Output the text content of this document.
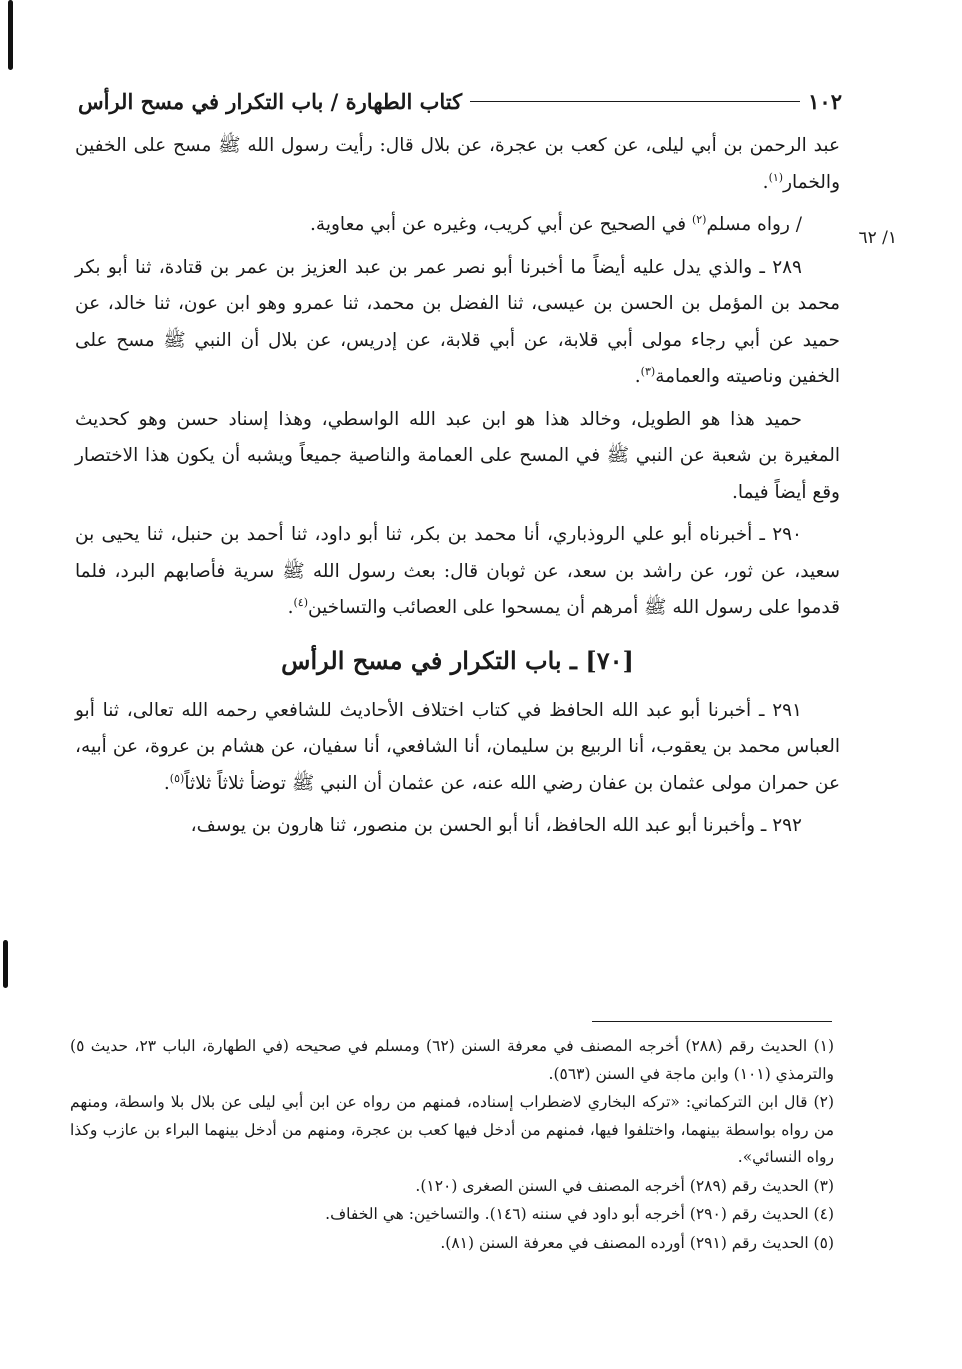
١٠٢
كتاب الطهارة / باب التكرار في مسح الرأس
١/ ٦٢

عبد الرحمن بن أبي ليلى، عن كعب بن عجرة، عن بلال قال: رأيت رسول الله ﷺ مسح على الخفين والخمار$^{(١)}$.

/ رواه مسلم$^{(٢)}$ في الصحيح عن أبي كريب، وغيره عن أبي معاوية.

٢٨٩ ـ والذي يدل عليه أيضاً ما أخبرنا أبو نصر عمر بن عبد العزيز بن عمر بن قتادة، ثنا أبو بكر محمد بن المؤمل بن الحسن بن عيسى، ثنا الفضل بن محمد، ثنا عمرو وهو ابن عون، ثنا خالد، عن حميد عن أبي رجاء مولى أبي قلابة، عن أبي قلابة، عن إدريس، عن بلال أن النبي ﷺ مسح على الخفين وناصيته والعمامة$^{(٣)}$.

حميد هذا هو الطويل، وخالد هذا هو ابن عبد الله الواسطي، وهذا إسناد حسن وهو كحديث المغيرة بن شعبة عن النبي ﷺ في المسح على العمامة والناصية جميعاً ويشبه أن يكون هذا الاختصار وقع أيضاً فيما.

٢٩٠ ـ أخبرناه أبو علي الروذباري، أنا محمد بن بكر، ثنا أبو داود، ثنا أحمد بن حنبل، ثنا يحيى بن سعيد، عن ثور، عن راشد بن سعد، عن ثوبان قال: بعث رسول الله ﷺ سرية فأصابهم البرد، فلما قدموا على رسول الله ﷺ أمرهم أن يمسحوا على العصائب والتساخين$^{(٤)}$.

[٧٠] ـ باب التكرار في مسح الرأس

٢٩١ ـ أخبرنا أبو عبد الله الحافظ في كتاب اختلاف الأحاديث للشافعي رحمه الله تعالى، ثنا أبو العباس محمد بن يعقوب، أنا الربيع بن سليمان، أنا الشافعي، أنا سفيان، عن هشام بن عروة، عن أبيه، عن حمران مولى عثمان بن عفان رضي الله عنه، عن عثمان أن النبي ﷺ توضأ ثلاثاً ثلاثاً$^{(٥)}$.

٢٩٢ ـ وأخبرنا أبو عبد الله الحافظ، أنا أبو الحسن بن منصور، ثنا هارون بن يوسف،

(١) الحديث رقم (٢٨٨) أخرجه المصنف في معرفة السنن (٦٢) ومسلم في صحيحه (في الطهارة، الباب ٢٣، حديث ٥) والترمذي (١٠١) وابن ماجة في السنن (٥٦٣).

(٢) قال ابن التركماني: «تركه البخاري لاضطراب إسناده، فمنهم من رواه عن ابن أبي ليلى عن بلال بلا واسطة، ومنهم من رواه بواسطة بينهما، واختلفوا فيها، فمنهم من أدخل فيها كعب بن عجرة، ومنهم من أدخل بينهما البراء بن عازب وكذا رواه النسائي».

(٣) الحديث رقم (٢٨٩) أخرجه المصنف في السنن الصغرى (١٢٠).

(٤) الحديث رقم (٢٩٠) أخرجه أبو داود في سننه (١٤٦). والتساخين: هي الخفاف.

(٥) الحديث رقم (٢٩١) أورده المصنف في معرفة السنن (٨١).
